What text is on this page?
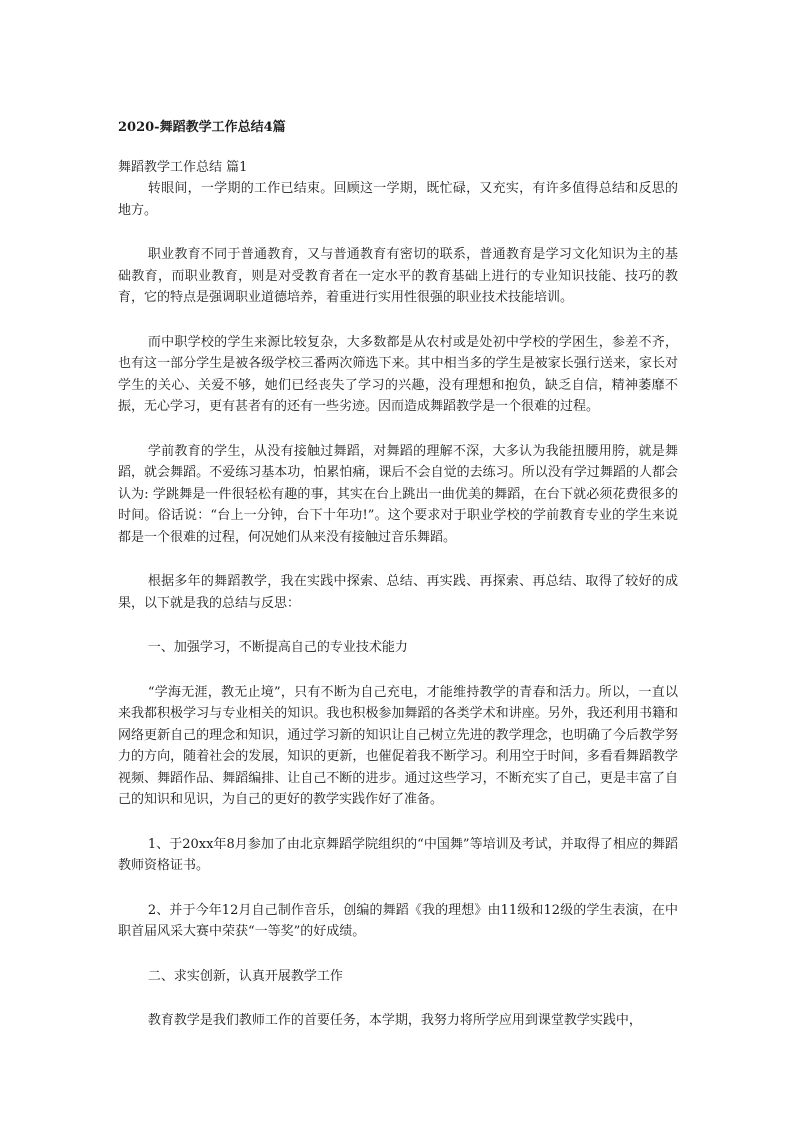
2020-舞蹈教学工作总结4篇
舞蹈教学工作总结 篇1

转眼间，一学期的工作已结束。回顾这一学期，既忙碌，又充实，有许多值得总结和反思的地方。

职业教育不同于普通教育，又与普通教育有密切的联系，普通教育是学习文化知识为主的基础教育，而职业教育，则是对受教育者在一定水平的教育基础上进行的专业知识技能、技巧的教育，它的特点是强调职业道德培养，着重进行实用性很强的职业技术技能培训。

而中职学校的学生来源比较复杂，大多数都是从农村或是处初中学校的学困生，参差不齐，也有这一部分学生是被各级学校三番两次筛选下来。其中相当多的学生是被家长强行送来，家长对学生的关心、关爱不够，她们已经丧失了学习的兴趣，没有理想和抱负，缺乏自信，精神萎靡不振，无心学习，更有甚者有的还有一些劣迹。因而造成舞蹈教学是一个很难的过程。

学前教育的学生，从没有接触过舞蹈，对舞蹈的理解不深，大多认为我能扭腰用胯，就是舞蹈，就会舞蹈。不爱练习基本功，怕累怕痛，课后不会自觉的去练习。所以没有学过舞蹈的人都会认为: 学跳舞是一件很轻松有趣的事，其实在台上跳出一曲优美的舞蹈，在台下就必须花费很多的时间。俗话说：“台上一分钟，台下十年功!”。这个要求对于职业学校的学前教育专业的学生来说都是一个很难的过程，何况她们从来没有接触过音乐舞蹈。

根据多年的舞蹈教学，我在实践中探索、总结、再实践、再探索、再总结、取得了较好的成果，以下就是我的总结与反思：

一、加强学习，不断提高自己的专业技术能力

“学海无涯，教无止境”，只有不断为自己充电，才能维持教学的青春和活力。所以，一直以来我都积极学习与专业相关的知识。我也积极参加舞蹈的各类学术和讲座。另外，我还利用书籍和网络更新自己的理念和知识，通过学习新的知识让自己树立先进的教学理念，也明确了今后教学努力的方向，随着社会的发展，知识的更新，也催促着我不断学习。利用空于时间，多看看舞蹈教学视频、舞蹈作品、舞蹈编排、让自己不断的进步。通过这些学习，不断充实了自己，更是丰富了自己的知识和见识，为自己的更好的教学实践作好了准备。

1、于20xx年8月参加了由北京舞蹈学院组织的“中国舞”等培训及考试，并取得了相应的舞蹈教师资格证书。

2、并于今年12月自己制作音乐，创编的舞蹈《我的理想》由11级和12级的学生表演，在中职首届风采大赛中荣获“一等奖”的好成绩。

二、求实创新，认真开展教学工作

教育教学是我们教师工作的首要任务，本学期，我努力将所学应用到课堂教学实践中，
